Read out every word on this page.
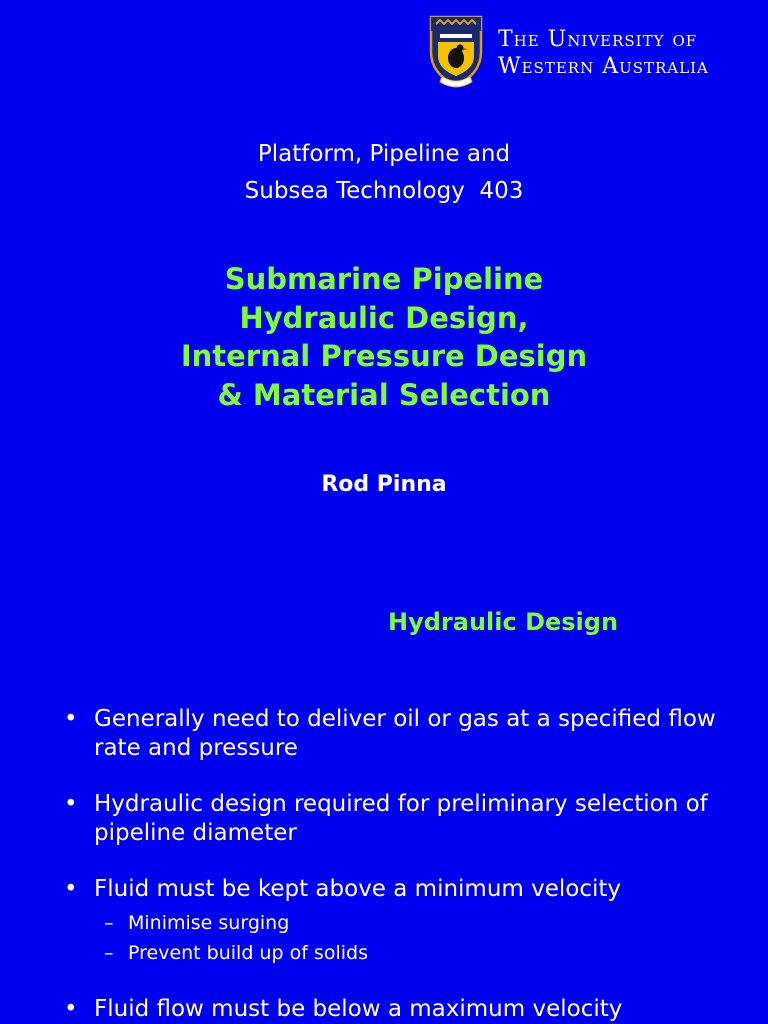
The University of
Western Australia
Platform, Pipeline and
Subsea Technology  403
Submarine Pipeline
Hydraulic Design,
Internal Pressure Design
& Material Selection
Rod Pinna
Hydraulic Design
• Generally need to deliver oil or gas at a specified flow rate and pressure
• Hydraulic design required for preliminary selection of pipeline diameter
• Fluid must be kept above a minimum velocity
– Minimise surging
– Prevent build up of solids
• Fluid flow must be below a maximum velocity
